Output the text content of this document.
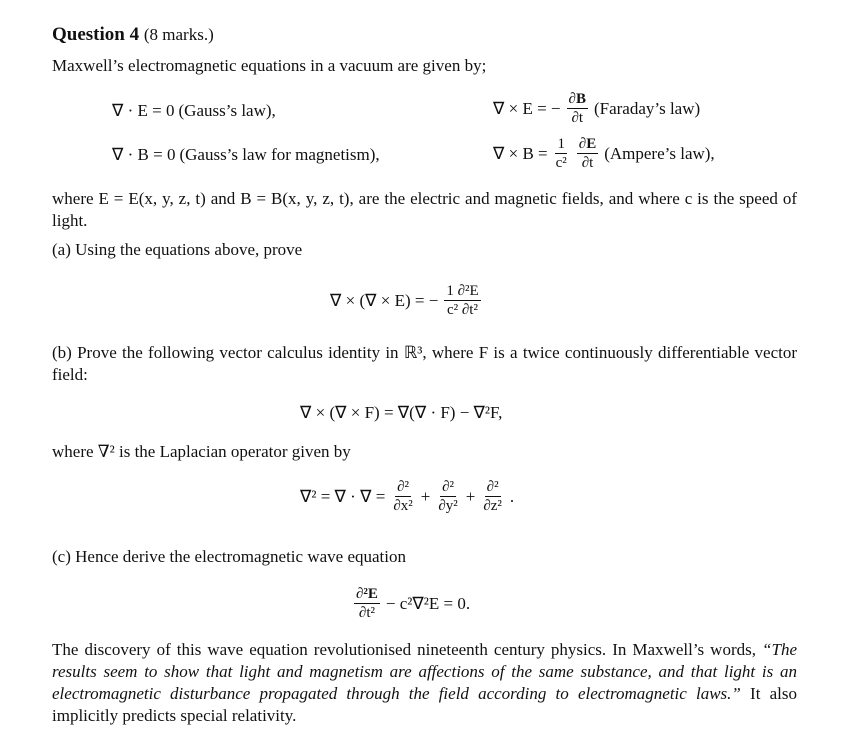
Question 4 (8 marks.)
Maxwell’s electromagnetic equations in a vacuum are given by;
∇ · E = 0 (Gauss’s law),
∇ · B = 0 (Gauss’s law for magnetism),
∇ × E = − $\frac{\partial B}{\partial t}$ (Faraday’s law)
∇ × $B = \frac{1}{\text{c²}} \frac{\partial E}{\partial t}$ (Ampere’s law),
where E = E(x, y, z, t) and B = B(x, y, z, t), are the electric and magnetic fields, and where c is the speed of light.
(a) Using the equations above, prove
∇ × (∇ × E) = − $\frac{\text{1 ∂²E}}{\text{c² ∂t²}}$
(b) Prove the following vector calculus identity in ℝ³, where F is a twice continuously differentiable vector field:
∇ × (∇ × F) = ∇(∇ · F) − ∇²F,
where ∇² is the Laplacian operator given by
∇² = ∇ · ∇ = $\frac{\text{∂²}}{\text{∂x²}} + \frac{\text{∂²}}{\text{∂y²}} + \frac{\text{∂²}}{\text{∂z²}}$ .
(c) Hence derive the electromagnetic wave equation
$\frac{\text{∂²E}}{\text{∂t²}} - c^2\nabla^2E = 0$.
The discovery of this wave equation revolutionised nineteenth century physics. In Maxwell’s words, “The results seem to show that light and magnetism are affections of the same substance, and that light is an electromagnetic disturbance propagated through the field according to electromagnetic laws.” It also implicitly predicts special relativity.
